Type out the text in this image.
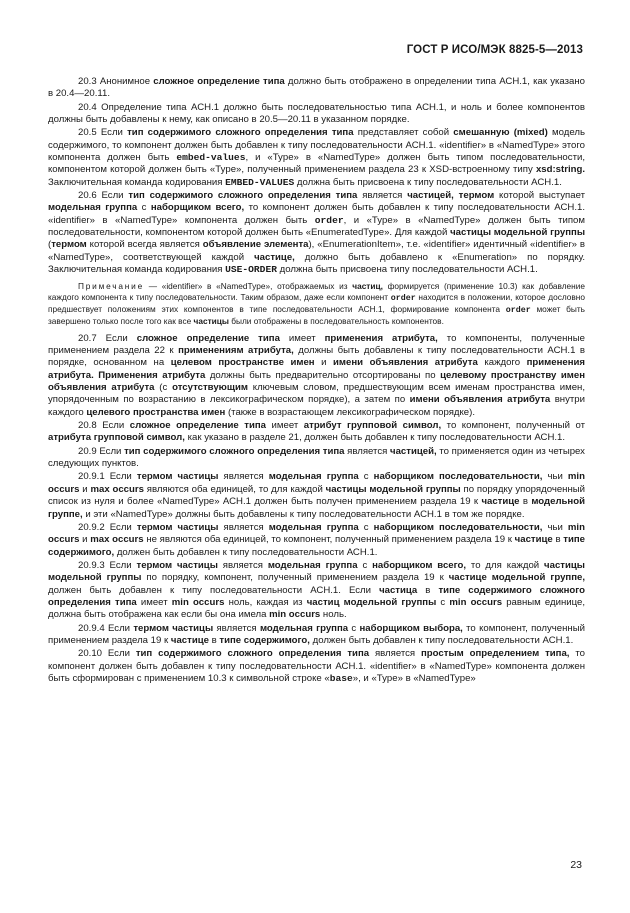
ГОСТ Р ИСО/МЭК 8825-5—2013

20.3 Анонимное сложное определение типа должно быть отображено в определении типа АСН.1, как указано в 20.4—20.11.

20.4 Определение типа АСН.1 должно быть последовательностью типа АСН.1, и ноль и более компонентов должны быть добавлены к нему, как описано в 20.5—20.11 в указанном порядке.

20.5 Если тип содержимого сложного определения типа представляет собой смешанную (mixed) модель содержимого, то компонент должен быть добавлен к типу последовательности АСН.1. «identifier» в «NamedType» этого компонента должен быть embed-values, и «Type» в «NamedType» должен быть типом последовательности, компонентом которой должен быть «Type», полученный применением раздела 23 к XSD-встроенному типу xsd:string. Заключительная команда кодирования EMBED-VALUES должна быть присвоена к типу последовательности АСН.1.

20.6 Если тип содержимого сложного определения типа является частицей, термом которой выступает модельная группа с наборщиком всего, то компонент должен быть добавлен к типу последовательности АСН.1. «identifier» в «NamedType» компонента должен быть order, и «Type» в «NamedType» должен быть типом последовательности, компонентом которой должен быть «EnumeratedType». Для каждой частицы модельной группы (термом которой всегда является объявление элемента), «EnumerationItem», т.е. «identifier» идентичный «identifier» в «NamedType», соответствующей каждой частице, должно быть добавлено к «Enumeration» по порядку. Заключительная команда кодирования USE-ORDER должна быть присвоена типу последовательности АСН.1.

Примечание — «identifier» в «NamedType», отображаемых из частиц, формируется (применение 10.3) как добавление каждого компонента к типу последовательности. Таким образом, даже если компонент order находится в положении, которое дословно предшествует положениям этих компонентов в типе последовательности АСН.1, формирование компонента order может быть завершено только после того как все частицы были отображены в последовательность компонентов.

20.7 Если сложное определение типа имеет применения атрибута, то компоненты, полученные применением раздела 22 к применениям атрибута, должны быть добавлены к типу последовательности АСН.1 в порядке, основанном на целевом пространстве имен и имени объявления атрибута каждого применения атрибута. Применения атрибута должны быть предварительно отсортированы по целевому пространству имен объявления атрибута (с отсутствующим ключевым словом, предшествующим всем именам пространства имен, упорядоченным по возрастанию в лексикографическом порядке), а затем по имени объявления атрибута внутри каждого целевого пространства имен (также в возрастающем лексикографическом порядке).

20.8 Если сложное определение типа имеет атрибут групповой символ, то компонент, полученный от атрибута групповой символ, как указано в разделе 21, должен быть добавлен к типу последовательности АСН.1.

20.9 Если тип содержимого сложного определения типа является частицей, то применяется один из четырех следующих пунктов.

20.9.1 Если термом частицы является модельная группа с наборщиком последовательности, чьи min occurs и max occurs являются оба единицей, то для каждой частицы модельной группы по порядку упорядоченный список из нуля и более «NamedType» АСН.1 должен быть получен применением раздела 19 к частице в модельной группе, и эти «NamedType» должны быть добавлены к типу последовательности АСН.1 в том же порядке.

20.9.2 Если термом частицы является модельная группа с наборщиком последовательности, чьи min occurs и max occurs не являются оба единицей, то компонент, полученный применением раздела 19 к частице в типе содержимого, должен быть добавлен к типу последовательности АСН.1.

20.9.3 Если термом частицы является модельная группа с наборщиком всего, то для каждой частицы модельной группы по порядку, компонент, полученный применением раздела 19 к частице модельной группе, должен быть добавлен к типу последовательности АСН.1. Если частица в типе содержимого сложного определения типа имеет min occurs ноль, каждая из частиц модельной группы с min occurs равным единице, должна быть отображена как если бы она имела min occurs ноль.

20.9.4 Если термом частицы является модельная группа с наборщиком выбора, то компонент, полученный применением раздела 19 к частице в типе содержимого, должен быть добавлен к типу последовательности АСН.1.

20.10 Если тип содержимого сложного определения типа является простым определением типа, то компонент должен быть добавлен к типу последовательности АСН.1. «identifier» в «NamedType» компонента должен быть сформирован с применением 10.3 к символьной строке «base», и «Type» в «NamedType»

23
